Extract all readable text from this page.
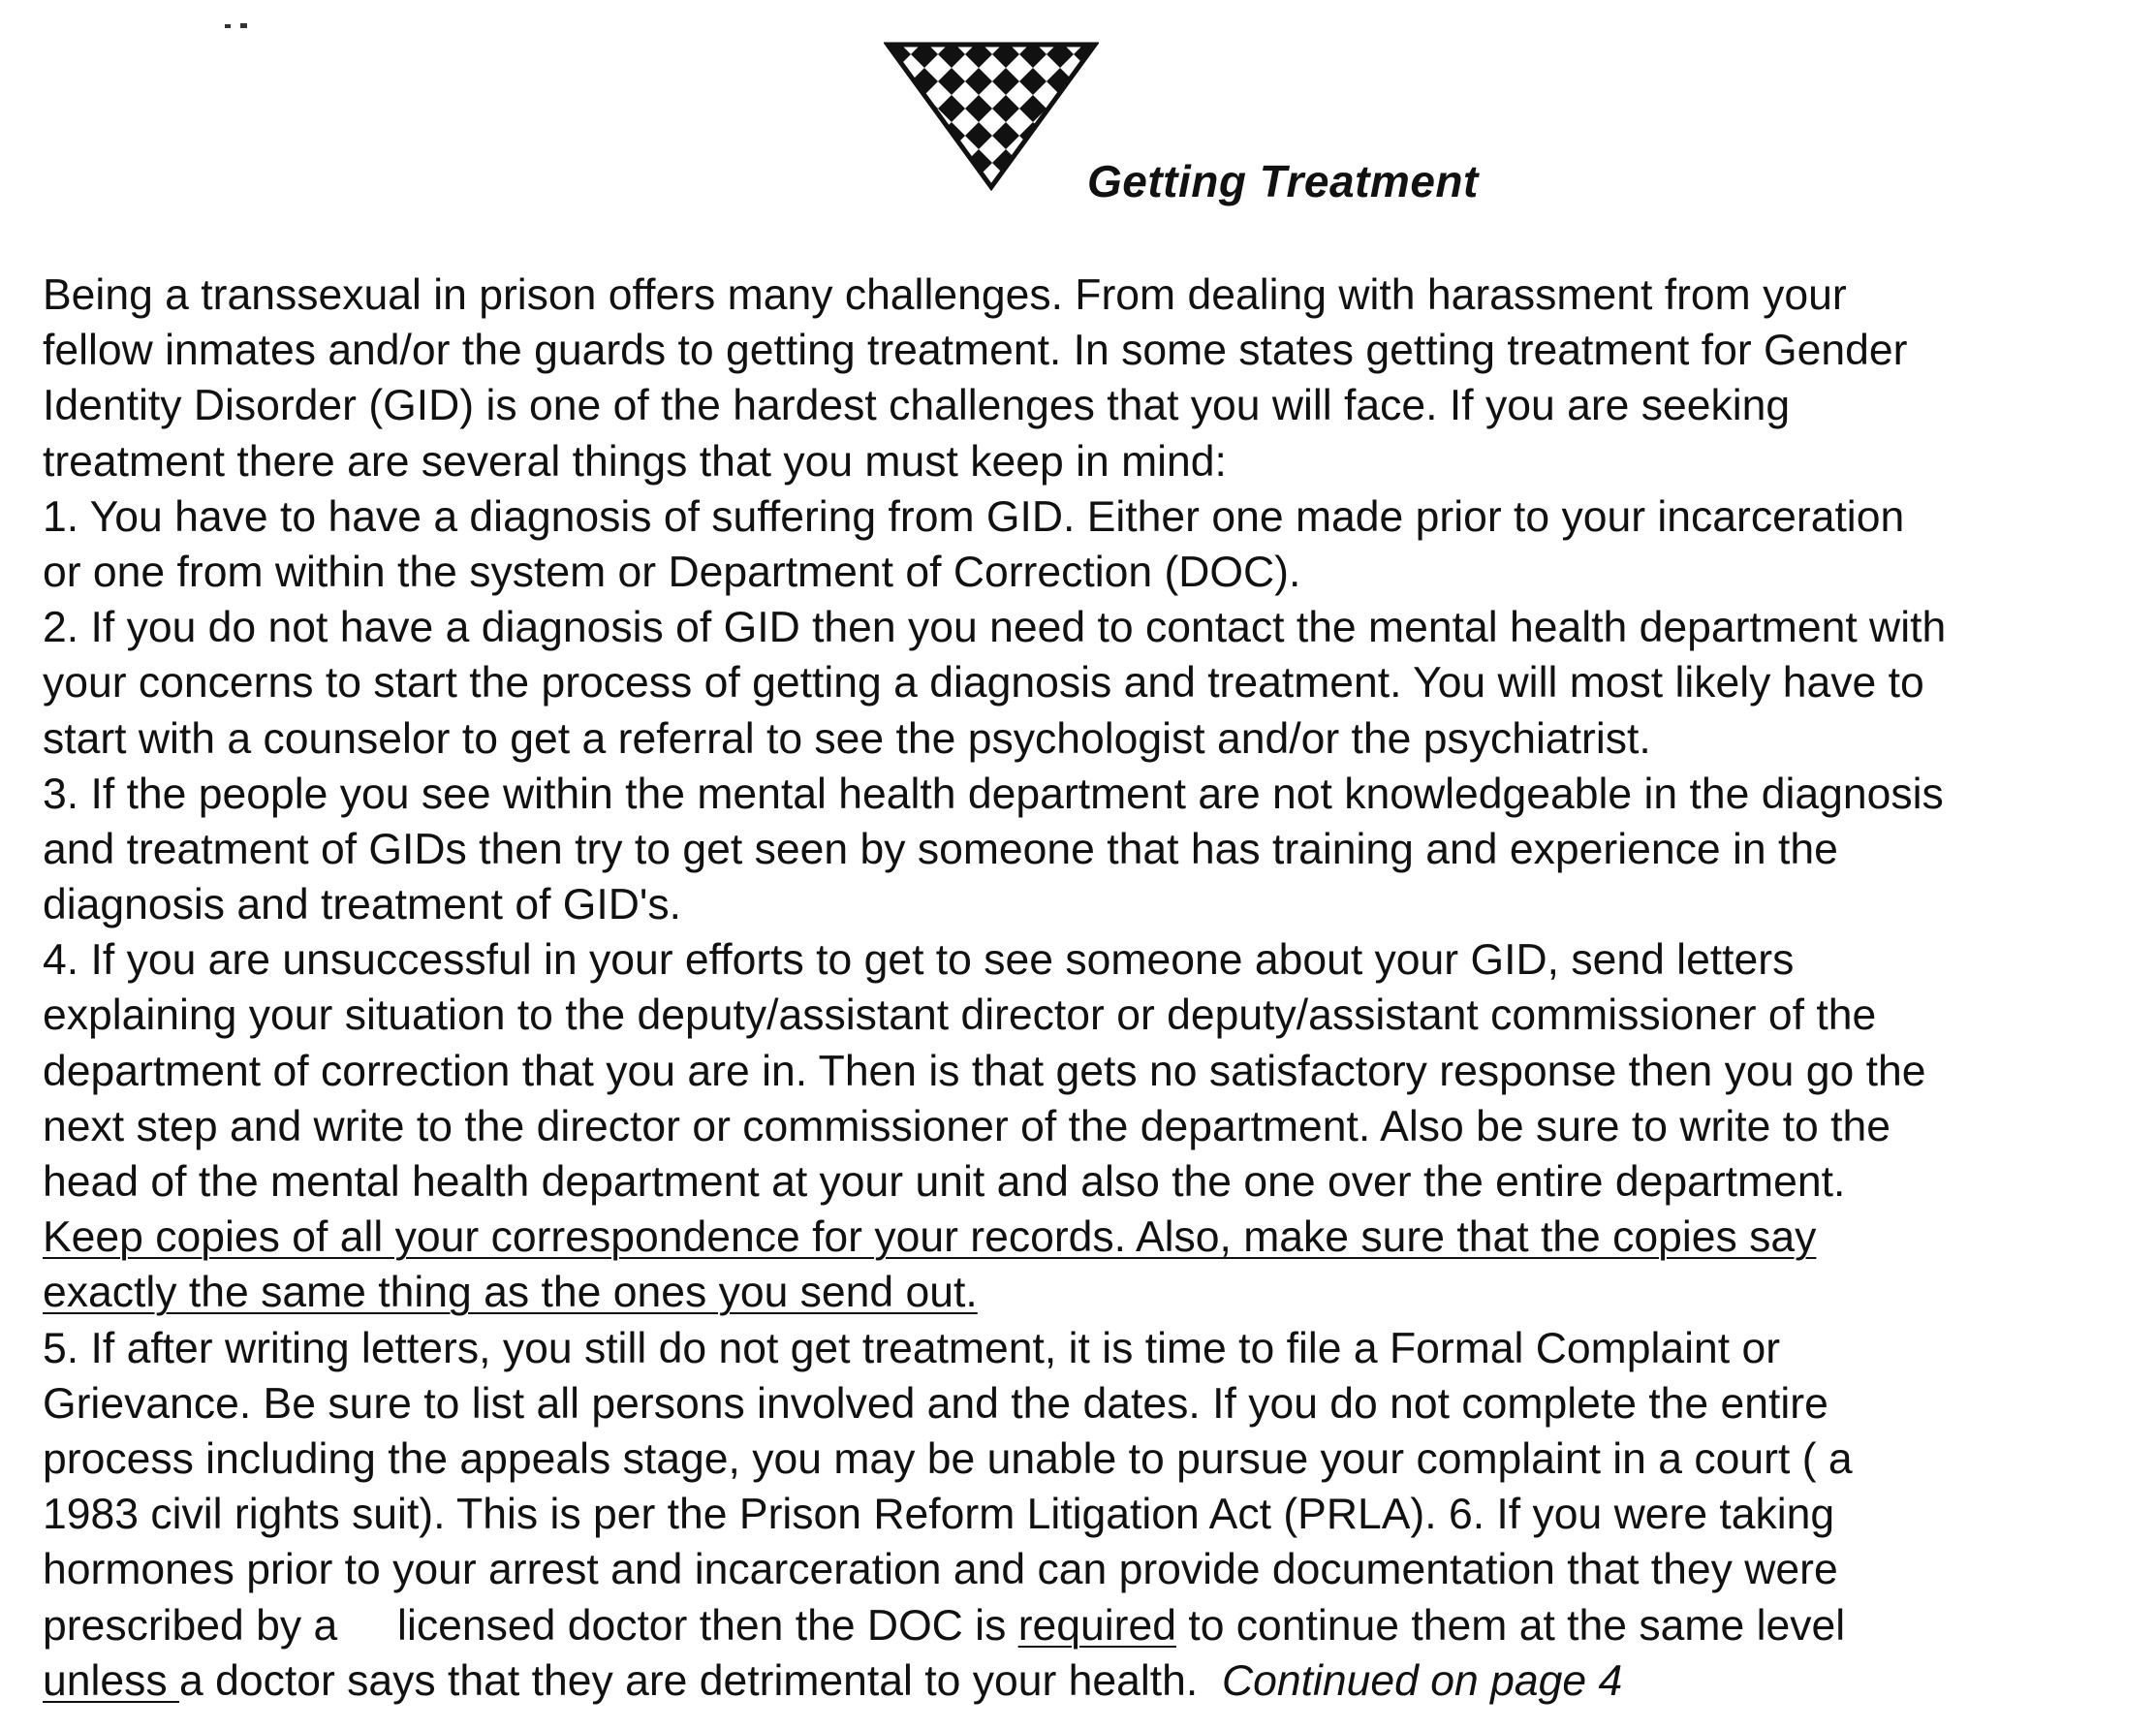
Getting Treatment
Being a transsexual in prison offers many challenges. From dealing with harassment from your
fellow inmates and/or the guards to getting treatment. In some states getting treatment for Gender
Identity Disorder (GID) is one of the hardest challenges that you will face. If you are seeking
treatment there are several things that you must keep in mind:
1. You have to have a diagnosis of suffering from GID. Either one made prior to your incarceration
or one from within the system or Department of Correction (DOC).
2. If you do not have a diagnosis of GID then you need to contact the mental health department with
your concerns to start the process of getting a diagnosis and treatment. You will most likely have to
start with a counselor to get a referral to see the psychologist and/or the psychiatrist.
3. If the people you see within the mental health department are not knowledgeable in the diagnosis
and treatment of GIDs then try to get seen by someone that has training and experience in the
diagnosis and treatment of GID's.
4. If you are unsuccessful in your efforts to get to see someone about your GID, send letters
explaining your situation to the deputy/assistant director or deputy/assistant commissioner of the
department of correction that you are in. Then is that gets no satisfactory response then you go the
next step and write to the director or commissioner of the department. Also be sure to write to the
head of the mental health department at your unit and also the one over the entire department.
Keep copies of all your correspondence for your records. Also, make sure that the copies say
exactly the same thing as the ones you send out.
5. If after writing letters, you still do not get treatment, it is time to file a Formal Complaint or
Grievance. Be sure to list all persons involved and the dates. If you do not complete the entire
process including the appeals stage, you may be unable to pursue your complaint in a court ( a
1983 civil rights suit). This is per the Prison Reform Litigation Act (PRLA). 6. If you were taking
hormones prior to your arrest and incarceration and can provide documentation that they were
prescribed by a     licensed doctor then the DOC is required to continue them at the same level
unless a doctor says that they are detrimental to your health.  Continued on page 4
